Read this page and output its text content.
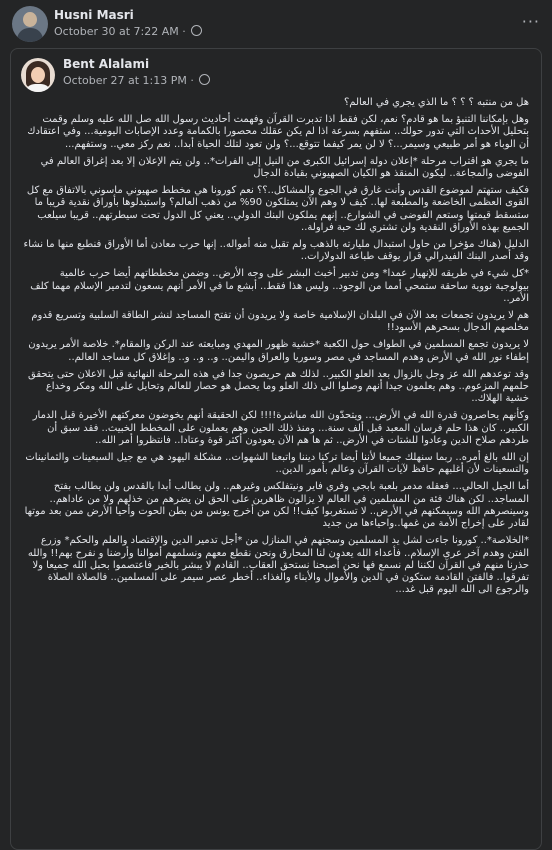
Husni Masri
October 30 at 7:22 AM ·
···
Bent Alalami
October 27 at 1:13 PM ·

هل من منتبه ؟ ؟ ؟ ما الذي يجري في العالم؟

وهل بإمكاننا التنبؤ بما هو قادم؟ نعم، لكن فقط اذا تدبرت القرآن وفهمت أحاديث رسول الله صل الله عليه وسلم وقمت بتحليل الأحداث التي تدور حولك.. ستفهم بسرعة اذا لم يكن عقلك محصورا بالكمامة وعدد الإصابات اليومية... وفي اعتقادك أن الوباء هو أمر طبيعي وسيمر...؟ لا لن يمر كيفما تتوقع...؟ ولن تعود لتلك الحياة أبدا.. نعم ركز معي.. وستفهم...

ما يجري هو اقتراب مرحلة *إعلان دولة إسرائيل الكبرى من النيل إلى الفرات*.. ولن يتم الإعلان إلا بعد إغراق العالم في الفوضى والمجاعة.. ليكون المنقذ هو الكيان الصهيوني بقيادة الدجال

فكيف ستهتم لموضوع القدس وأنت غارق في الجوع والمشاكل..؟؟ نعم كورونا هي مخطط صهيوني ماسوني بالاتفاق مع كل القوى العظمى الخاضعة والمطبعة لها.. كيف لا وهم الآن يمتلكون 90% من ذهب العالم؟ واستبدلوها بأوراق نقدية قريبا ما ستسقط قيمتها وستعم الفوضى في الشوارع.. إنهم يملكون البنك الدولي.. يعني كل الدول تحت سيطرتهم.. قريبا سيلعب الجميع بهذه الأوراق النقدية ولن تشتري لك حبة فراولة..

الدليل (هناك مؤخرا من حاول استبدال مليارته بالذهب ولم تقبل منه أمواله.. إنها حرب معادن أما الأوراق فنطبع منها ما نشاء وقد أصدر البنك الفيدرالي قرار يوقف طباعة الدولارات..

*كل شيء في طريقه للإنهيار عمدا* ومن تدبير أخبث البشر على وجه الأرض.. وضمن مخططاتهم أيضا حرب عالمية بيولوجية نووية ساحقة ستمحي أمما من الوجود.. وليس هذا فقط.. أبشع ما في الأمر أنهم يسعون لتدمير الإسلام مهما كلف الأمر..

هم لا يريدون تجمعات بعد الآن في البلدان الإسلامية خاصة ولا يريدون أن تفتح المساجد لنشر الطاقة السلبية وتسريع قدوم مخلصهم الدجال بسحرهم الأسود!!

لا يريدون تجمع المسلمين في الطواف حول الكعبة *خشية ظهور المهدي ومبايعته عند الركن والمقام*. خلاصة الأمر يريدون إطفاء نور الله في الأرض وهدم المساجد في مصر وسوريا والعراق واليمن.. و.. و.. و.. وإغلاق كل مساجد العالم..

وقد توعدهم الله عز وجل بالزوال بعد العلو الكبير.. لذلك هم حريصون جدا في هذه المرحلة النهائية قبل الاعلان حتى يتحقق حلمهم المزعوم.. وهم يعلمون جيدا أنهم وصلوا الى ذلك العلو وما يحصل هو حصار للعالم وتحايل على الله ومكر وخداع خشية الهلاك..

وكأنهم يحاصرون قدرة الله في الأرض... ويتحدّون الله مباشرة!!!! لكن الحقيقة أنهم يخوضون معركتهم الأخيرة قبل الدمار الكبير.. كان هذا حلم فرسان المعبد قبل ألف سنة... ومنذ ذلك الحين وهم يعملون على المخطط الخبيث.. فقد سبق أن طردهم صلاح الدين وعادوا للشتات في الأرض.. ثم ها هم الآن يعودون أكثر قوة وعتادا.. فانتظروا أمر الله..

إن الله بالغ أمره.. ربما سنهلك جميعا لأننا أيضا تركنا ديننا واتبعنا الشهوات.. مشكلة اليهود هي مع جيل السبعينات والثمانينات والتسعينات لأن أغلبهم حافظ لآيات القرآن وعالم بأمور الدين..

أما الجيل الحالي... فعقله مدمر بلعبة بابجي وفري فاير ونيتفلكس وغيرهم.. ولن يطالب أبدا بالقدس ولن يطالب بفتح المساجد.. لكن هناك فئة من المسلمين في العالم لا يزالون ظاهرين على الحق لن يضرهم من خذلهم ولا من عاداهم.. وسينصرهم الله وسيمكنهم في الأرض.. لا تستغربوا كيف!! لكن من أخرج يونس من بطن الحوت وأحيا الأرض ممن بعد موتها لقادر على إخراج الأمة من غمها..واحياءها من جديد

*الخلاصة*.. كورونا جاءت لشل يد المسلمين وسجنهم في المنازل من *أجل تدمير الدين والإقتصاد والعلم والحكم* وزرع الفتن وهدم آخر عرى الإسلام.. فأعداء الله يعدون لنا المحارق ونحن نقطع معهم ونسلمهم أموالنا وأرضنا و نفرح بهم!! والله حذرنا منهم في القرآن لكننا لم نسمع فها نحن أصبحنا نستحق العقاب.. القادم لا يبشر بالخير فاعتصموا بحبل الله جميعا ولا تفرقوا.. فالفتن القادمة ستكون في الدين والأموال والأبناء والغذاء.. أخطر عصر سيمر على المسلمين.. فالصلاة الصلاة والرجوع الى الله اليوم قبل غد...
